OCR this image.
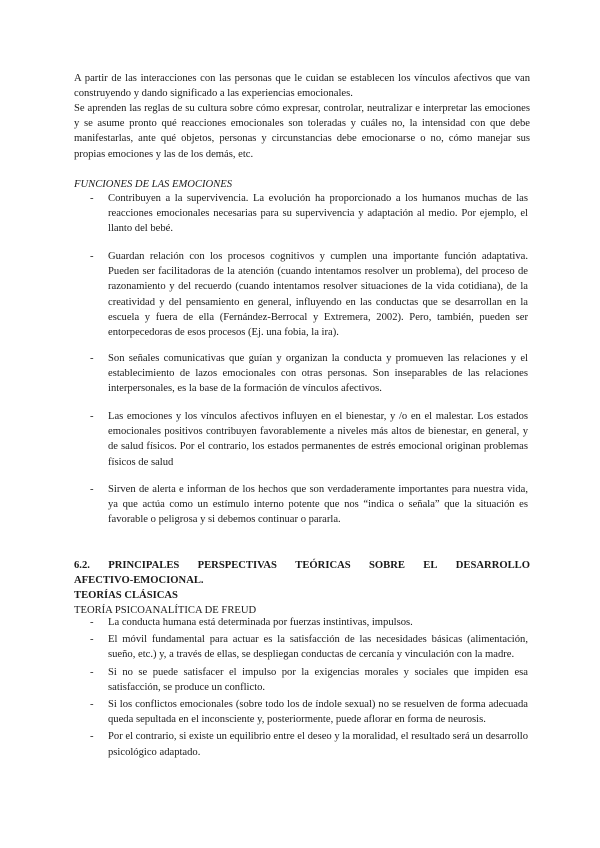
A partir de las interacciones con las personas que le cuidan se establecen los vínculos afectivos que van construyendo y dando significado a las experiencias emocionales.

Se aprenden las reglas de su cultura sobre cómo expresar, controlar, neutralizar e interpretar las emociones y se asume pronto qué reacciones emocionales son toleradas y cuáles no, la intensidad con que debe manifestarlas, ante qué objetos, personas y circunstancias debe emocionarse o no, cómo manejar sus propias emociones y las de los demás, etc.

FUNCIONES DE LAS EMOCIONES

- Contribuyen a la supervivencia. La evolución ha proporcionado a los humanos muchas de las reacciones emocionales necesarias para su supervivencia y adaptación al medio. Por ejemplo, el llanto del bebé.
- Guardan relación con los procesos cognitivos y cumplen una importante función adaptativa. Pueden ser facilitadoras de la atención (cuando intentamos resolver un problema), del proceso de razonamiento y del recuerdo (cuando intentamos resolver situaciones de la vida cotidiana), de la creatividad y del pensamiento en general, influyendo en las conductas que se desarrollan en la escuela y fuera de ella (Fernández-Berrocal y Extremera, 2002). Pero, también, pueden ser entorpecedoras de esos procesos (Ej. una fobia, la ira).
- Son señales comunicativas que guían y organizan la conducta y promueven las relaciones y el establecimiento de lazos emocionales con otras personas. Son inseparables de las relaciones interpersonales, es la base de la formación de vínculos afectivos.
- Las emociones y los vínculos afectivos influyen en el bienestar, y /o en el malestar. Los estados emocionales positivos contribuyen favorablemente a niveles más altos de bienestar, en general, y de salud físicos. Por el contrario, los estados permanentes de estrés emocional originan problemas físicos de salud
- Sirven de alerta e informan de los hechos que son verdaderamente importantes para nuestra vida, ya que actúa como un estímulo interno potente que nos “indica o señala” que la situación es favorable o peligrosa y si debemos continuar o pararla.
6.2. PRINCIPALES PERSPECTIVAS TEÓRICAS SOBRE EL DESARROLLO
AFECTIVO-EMOCIONAL.

TEORÍAS CLÁSICAS

TEORÍA PSICOANALÍTICA DE FREUD

- La conducta humana está determinada por fuerzas instintivas, impulsos.
- El móvil fundamental para actuar es la satisfacción de las necesidades básicas (alimentación, sueño, etc.) y, a través de ellas, se despliegan conductas de cercanía y vinculación con la madre.
- Si no se puede satisfacer el impulso por la exigencias morales y sociales que impiden esa satisfacción, se produce un conflicto.
- Si los conflictos emocionales (sobre todo los de índole sexual) no se resuelven de forma adecuada queda sepultada en el inconsciente y, posteriormente, puede aflorar en forma de neurosis.
- Por el contrario, si existe un equilibrio entre el deseo y la moralidad, el resultado será un desarrollo psicológico adaptado.
